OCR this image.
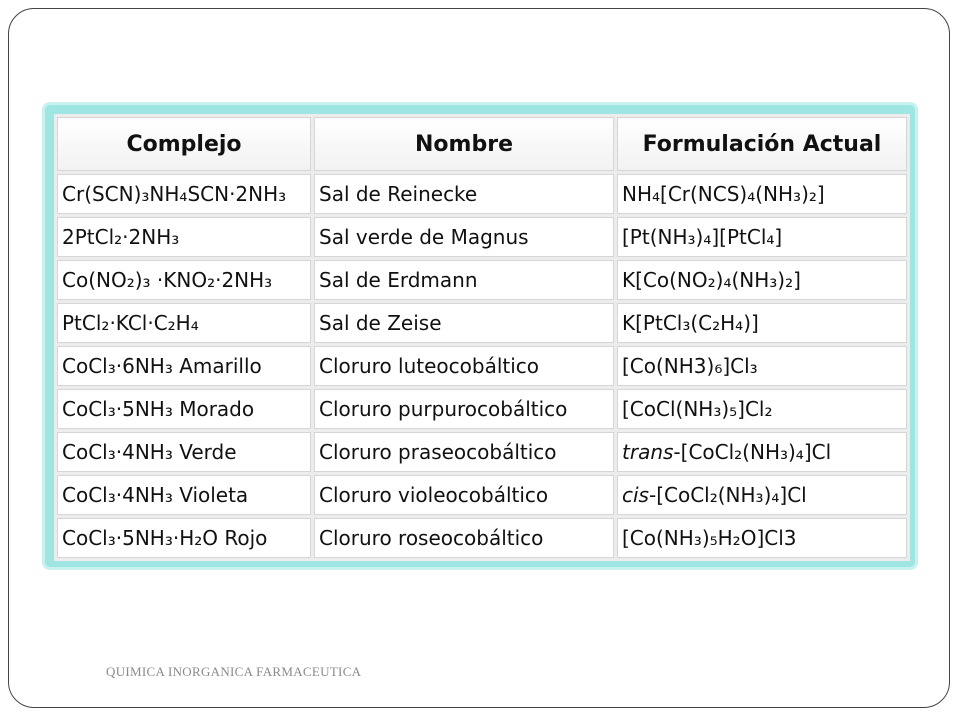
Complejo	Nombre	Formulación Actual
Cr(SCN)₃NH₄SCN·2NH₃	Sal de Reinecke	NH₄[Cr(NCS)₄(NH₃)₂]
2PtCl₂·2NH₃	Sal verde de Magnus	[Pt(NH₃)₄][PtCl₄]
Co(NO₂)₃ ·KNO₂·2NH₃	Sal de Erdmann	K[Co(NO₂)₄(NH₃)₂]
PtCl₂·KCl·C₂H₄	Sal de Zeise	K[PtCl₃(C₂H₄)]
CoCl₃·6NH₃ Amarillo	Cloruro luteocobáltico	[Co(NH3)₆]Cl₃
CoCl₃·5NH₃ Morado	Cloruro purpurocobáltico	[CoCl(NH₃)₅]Cl₂
CoCl₃·4NH₃ Verde	Cloruro praseocobáltico	trans-[CoCl₂(NH₃)₄]Cl
CoCl₃·4NH₃ Violeta	Cloruro violeocobáltico	cis-[CoCl₂(NH₃)₄]Cl
CoCl₃·5NH₃·H₂O Rojo	Cloruro roseocobáltico	[Co(NH₃)₅H₂O]Cl3
QUIMICA INORGANICA FARMACEUTICA
